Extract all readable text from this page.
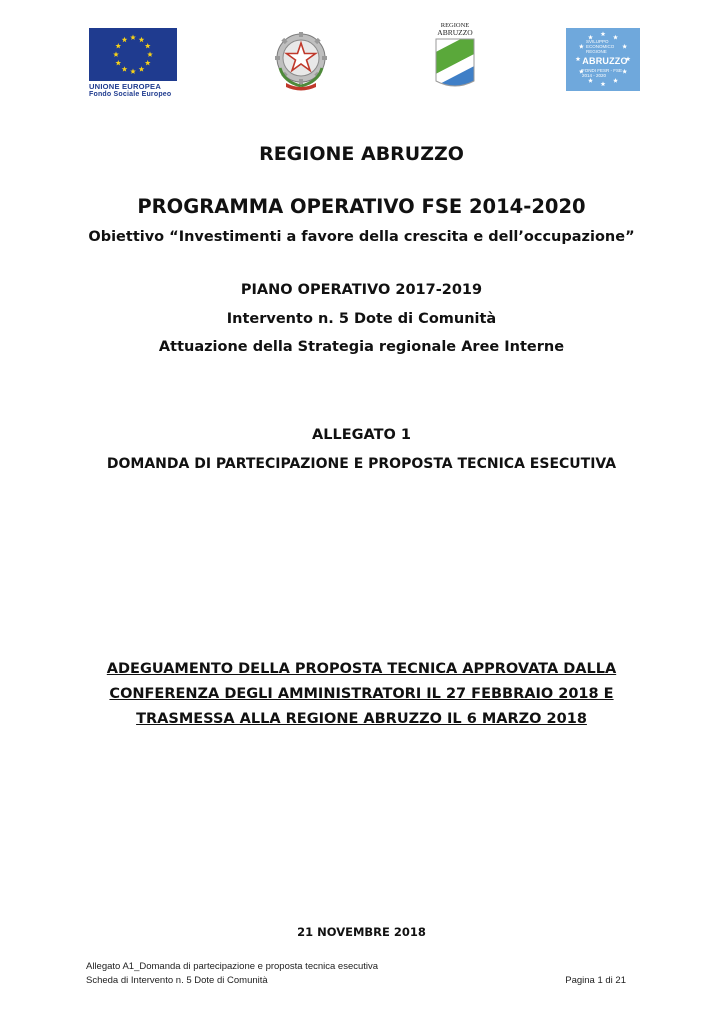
UNIONE EUROPEA
Fondo Sociale Europeo
REGIONE
ABRUZZO
SVILUPPO
ECONOMICO
REGIONE
ABRUZZO
FONDI FESR - FSE
2014 - 2020
REGIONE ABRUZZO
PROGRAMMA OPERATIVO FSE 2014-2020
Obiettivo “Investimenti a favore della crescita e dell’occupazione”
PIANO OPERATIVO 2017-2019
Intervento n. 5 Dote di Comunità
Attuazione della Strategia regionale Aree Interne
ALLEGATO 1
DOMANDA DI PARTECIPAZIONE E PROPOSTA TECNICA ESECUTIVA
ADEGUAMENTO DELLA PROPOSTA TECNICA APPROVATA DALLA
CONFERENZA DEGLI AMMINISTRATORI IL 27 FEBBRAIO 2018 E
TRASMESSA ALLA REGIONE ABRUZZO IL 6 MARZO 2018
21 NOVEMBRE 2018
Allegato A1_Domanda di partecipazione e proposta tecnica esecutiva
Scheda di Intervento n. 5 Dote di Comunità	Pagina 1 di 21
